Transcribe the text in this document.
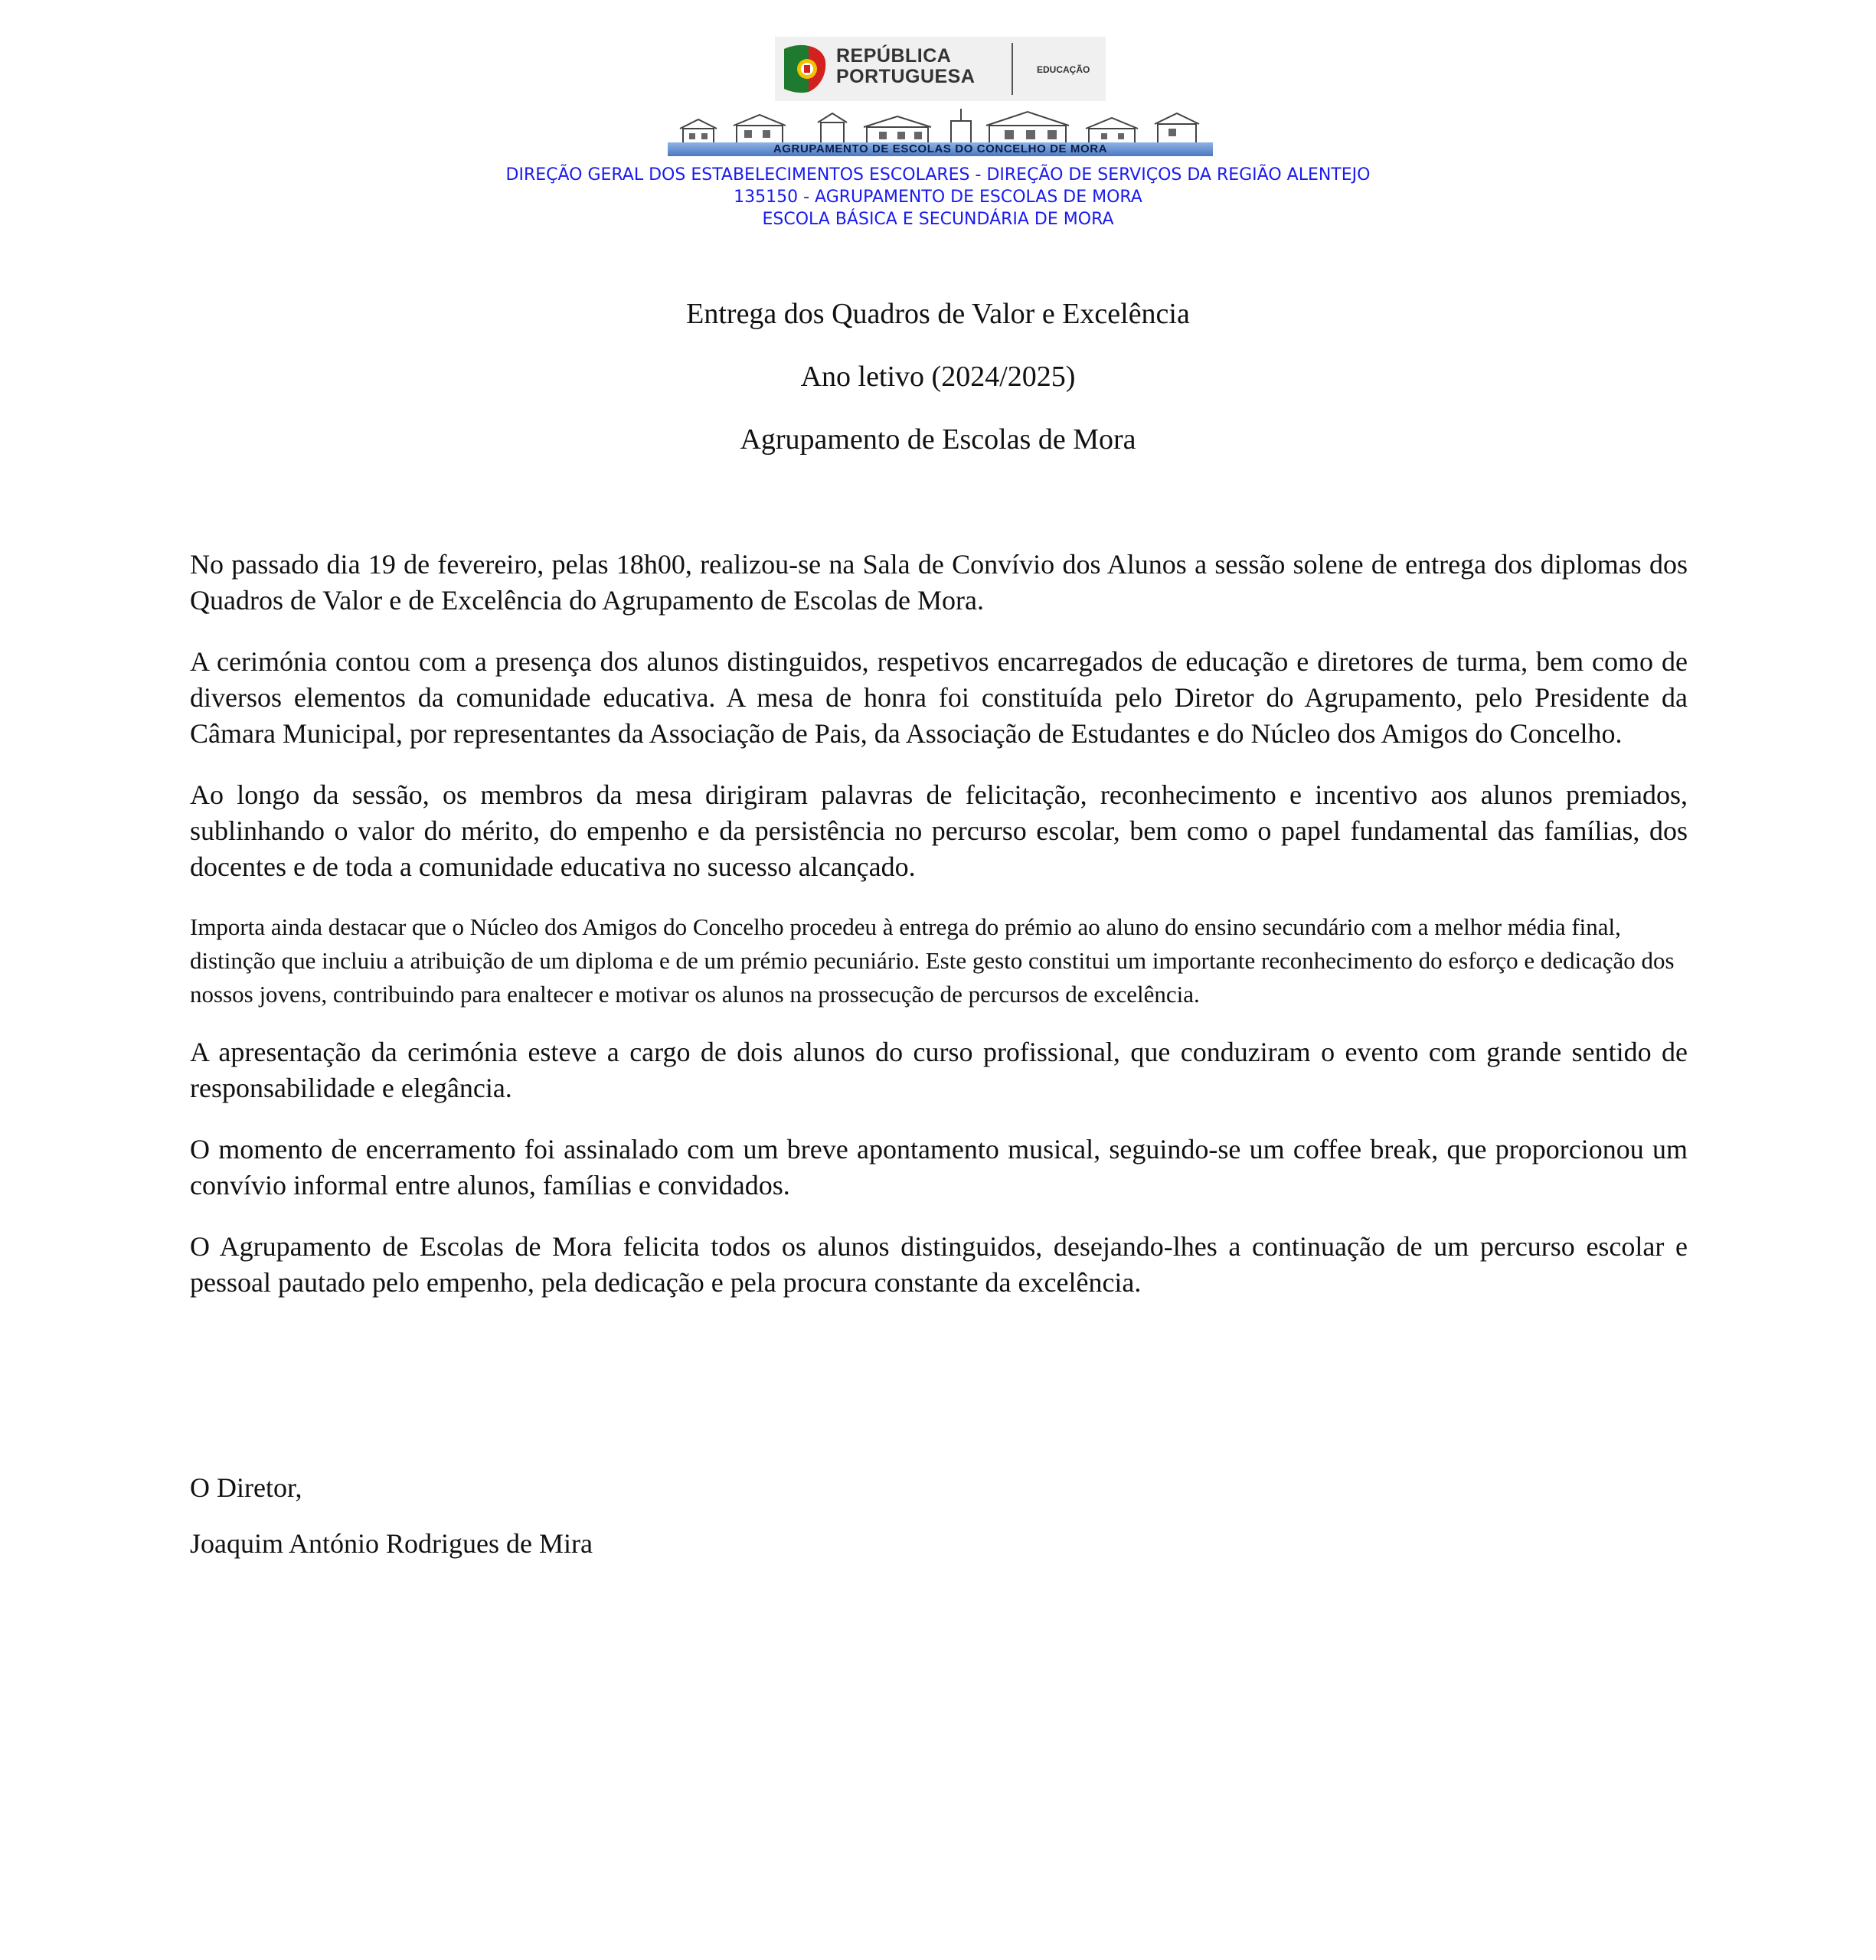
REPÚBLICA
PORTUGUESA	EDUCAÇÃO
AGRUPAMENTO DE ESCOLAS DO CONCELHO DE MORA
DIREÇÃO GERAL DOS ESTABELECIMENTOS ESCOLARES - DIREÇÃO DE SERVIÇOS DA REGIÃO ALENTEJO
135150 - AGRUPAMENTO DE ESCOLAS DE MORA
ESCOLA BÁSICA E SECUNDÁRIA DE MORA
Entrega dos Quadros de Valor e Excelência
Ano letivo (2024/2025)
Agrupamento de Escolas de Mora

No passado dia 19 de fevereiro, pelas 18h00, realizou-se na Sala de Convívio dos Alunos a sessão solene de entrega dos diplomas dos Quadros de Valor e de Excelência do Agrupamento de Escolas de Mora.

A cerimónia contou com a presença dos alunos distinguidos, respetivos encarregados de educação e diretores de turma, bem como de diversos elementos da comunidade educativa. A mesa de honra foi constituída pelo Diretor do Agrupamento, pelo Presidente da Câmara Municipal, por representantes da Associação de Pais, da Associação de Estudantes e do Núcleo dos Amigos do Concelho.

Ao longo da sessão, os membros da mesa dirigiram palavras de felicitação, reconhecimento e incentivo aos alunos premiados, sublinhando o valor do mérito, do empenho e da persistência no percurso escolar, bem como o papel fundamental das famílias, dos docentes e de toda a comunidade educativa no sucesso alcançado.

Importa ainda destacar que o Núcleo dos Amigos do Concelho procedeu à entrega do prémio ao aluno do ensino secundário com a melhor média final, distinção que incluiu a atribuição de um diploma e de um prémio pecuniário. Este gesto constitui um importante reconhecimento do esforço e dedicação dos nossos jovens, contribuindo para enaltecer e motivar os alunos na prossecução de percursos de excelência.

A apresentação da cerimónia esteve a cargo de dois alunos do curso profissional, que conduziram o evento com grande sentido de responsabilidade e elegância.

O momento de encerramento foi assinalado com um breve apontamento musical, seguindo-se um coffee break, que proporcionou um convívio informal entre alunos, famílias e convidados.

O Agrupamento de Escolas de Mora felicita todos os alunos distinguidos, desejando-lhes a continuação de um percurso escolar e pessoal pautado pelo empenho, pela dedicação e pela procura constante da excelência.

O Diretor,
Joaquim António Rodrigues de Mira
